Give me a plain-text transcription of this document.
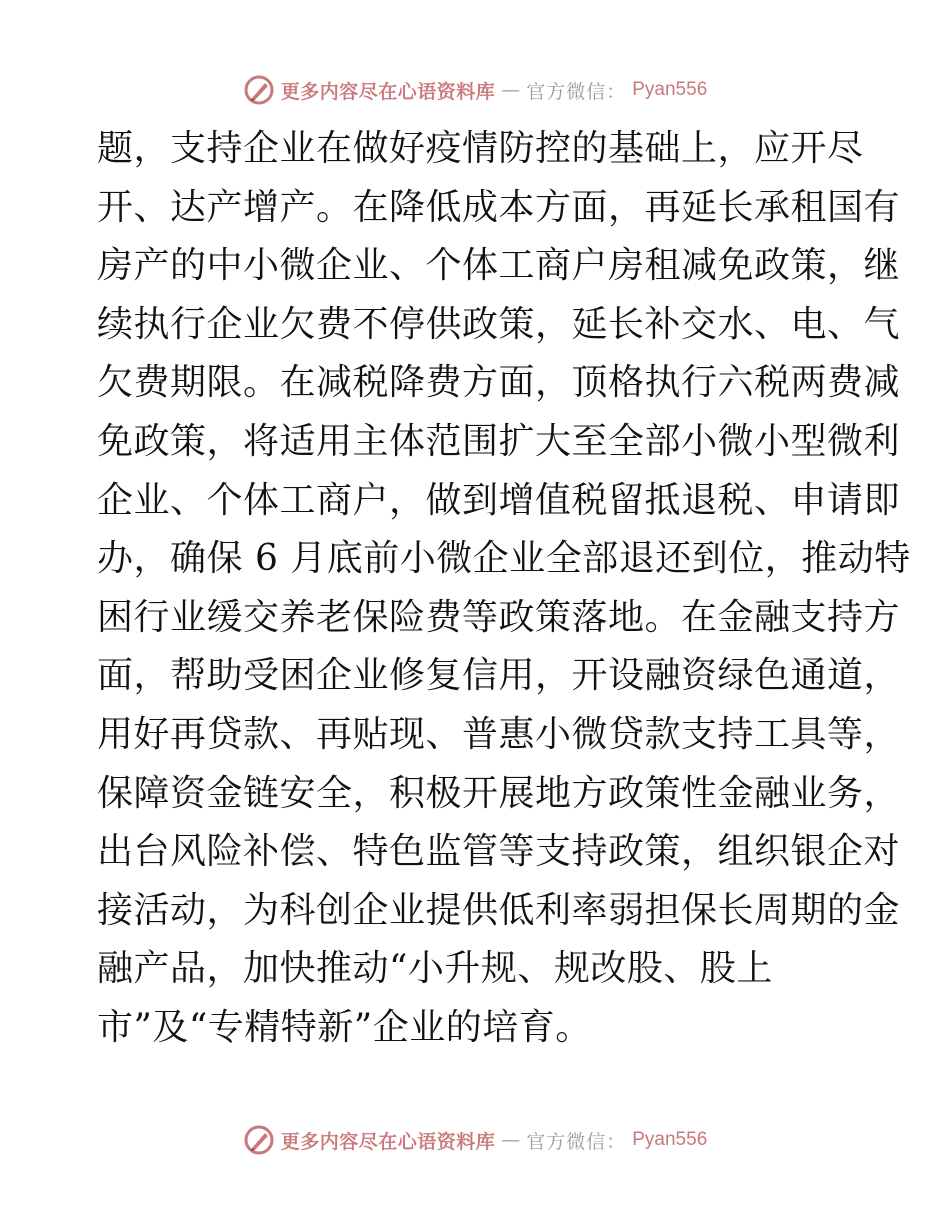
更多内容尽在心语资料库 — 官方微信： Pyan556
题，支持企业在做好疫情防控的基础上，应开尽
开、达产增产。在降低成本方面，再延长承租国有
房产的中小微企业、个体工商户房租减免政策，继
续执行企业欠费不停供政策，延长补交水、电、气
欠费期限。在减税降费方面，顶格执行六税两费减
免政策，将适用主体范围扩大至全部小微小型微利
企业、个体工商户，做到增值税留抵退税、申请即
办，确保 6 月底前小微企业全部退还到位，推动特
困行业缓交养老保险费等政策落地。在金融支持方
面，帮助受困企业修复信用，开设融资绿色通道，
用好再贷款、再贴现、普惠小微贷款支持工具等，
保障资金链安全，积极开展地方政策性金融业务，
出台风险补偿、特色监管等支持政策，组织银企对
接活动，为科创企业提供低利率弱担保长周期的金
融产品，加快推动“小升规、规改股、股上
市”及“专精特新”企业的培育。
更多内容尽在心语资料库 — 官方微信： Pyan556
